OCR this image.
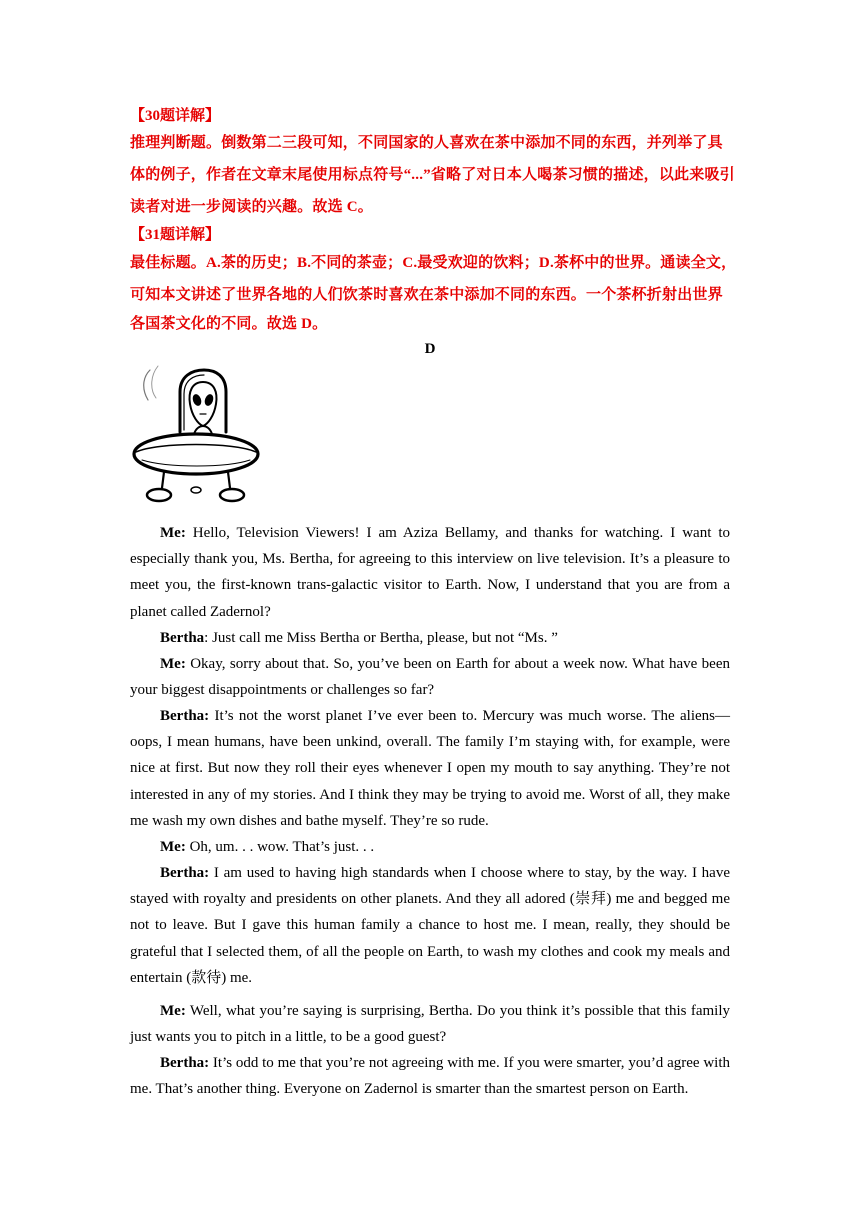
【30题详解】
推理判断题。倒数第二三段可知，不同国家的人喜欢在茶中添加不同的东西，并列举了具
体的例子，作者在文章末尾使用标点符号“...”省略了对日本人喝茶习惯的描述，以此来吸引
读者对进一步阅读的兴趣。故选 C。
【31题详解】
最佳标题。A.茶的历史；B.不同的茶壶；C.最受欢迎的饮料；D.茶杯中的世界。通读全文，
可知本文讲述了世界各地的人们饮茶时喜欢在茶中添加不同的东西。一个茶杯折射出世界
各国茶文化的不同。故选 D。
D

Me: Hello, Television Viewers! I am Aziza Bellamy, and thanks for watching. I want to especially thank you, Ms. Bertha, for agreeing to this interview on live television. It’s a pleasure to meet you, the first-known trans-galactic visitor to Earth. Now, I understand that you are from a planet called Zadernol?

Bertha: Just call me Miss Bertha or Bertha, please, but not “Ms. ”

Me: Okay, sorry about that. So, you’ve been on Earth for about a week now. What have been your biggest disappointments or challenges so far?

Bertha: It’s not the worst planet I’ve ever been to. Mercury was much worse. The aliens—oops, I mean humans, have been unkind, overall. The family I’m staying with, for example, were nice at first. But now they roll their eyes whenever I open my mouth to say anything. They’re not interested in any of my stories. And I think they may be trying to avoid me. Worst of all, they make me wash my own dishes and bathe myself. They’re so rude.

Me: Oh, um. . . wow. That’s just. . .

Bertha: I am used to having high standards when I choose where to stay, by the way. I have stayed with royalty and presidents on other planets. And they all adored (崇拜) me and begged me not to leave. But I gave this human family a chance to host me. I mean, really, they should be grateful that I selected them, of all the people on Earth, to wash my clothes and cook my meals and entertain (款待) me.

Me: Well, what you’re saying is surprising, Bertha. Do you think it’s possible that this family just wants you to pitch in a little, to be a good guest?

Bertha: It’s odd to me that you’re not agreeing with me. If you were smarter, you’d agree with me. That’s another thing. Everyone on Zadernol is smarter than the smartest person on Earth.
